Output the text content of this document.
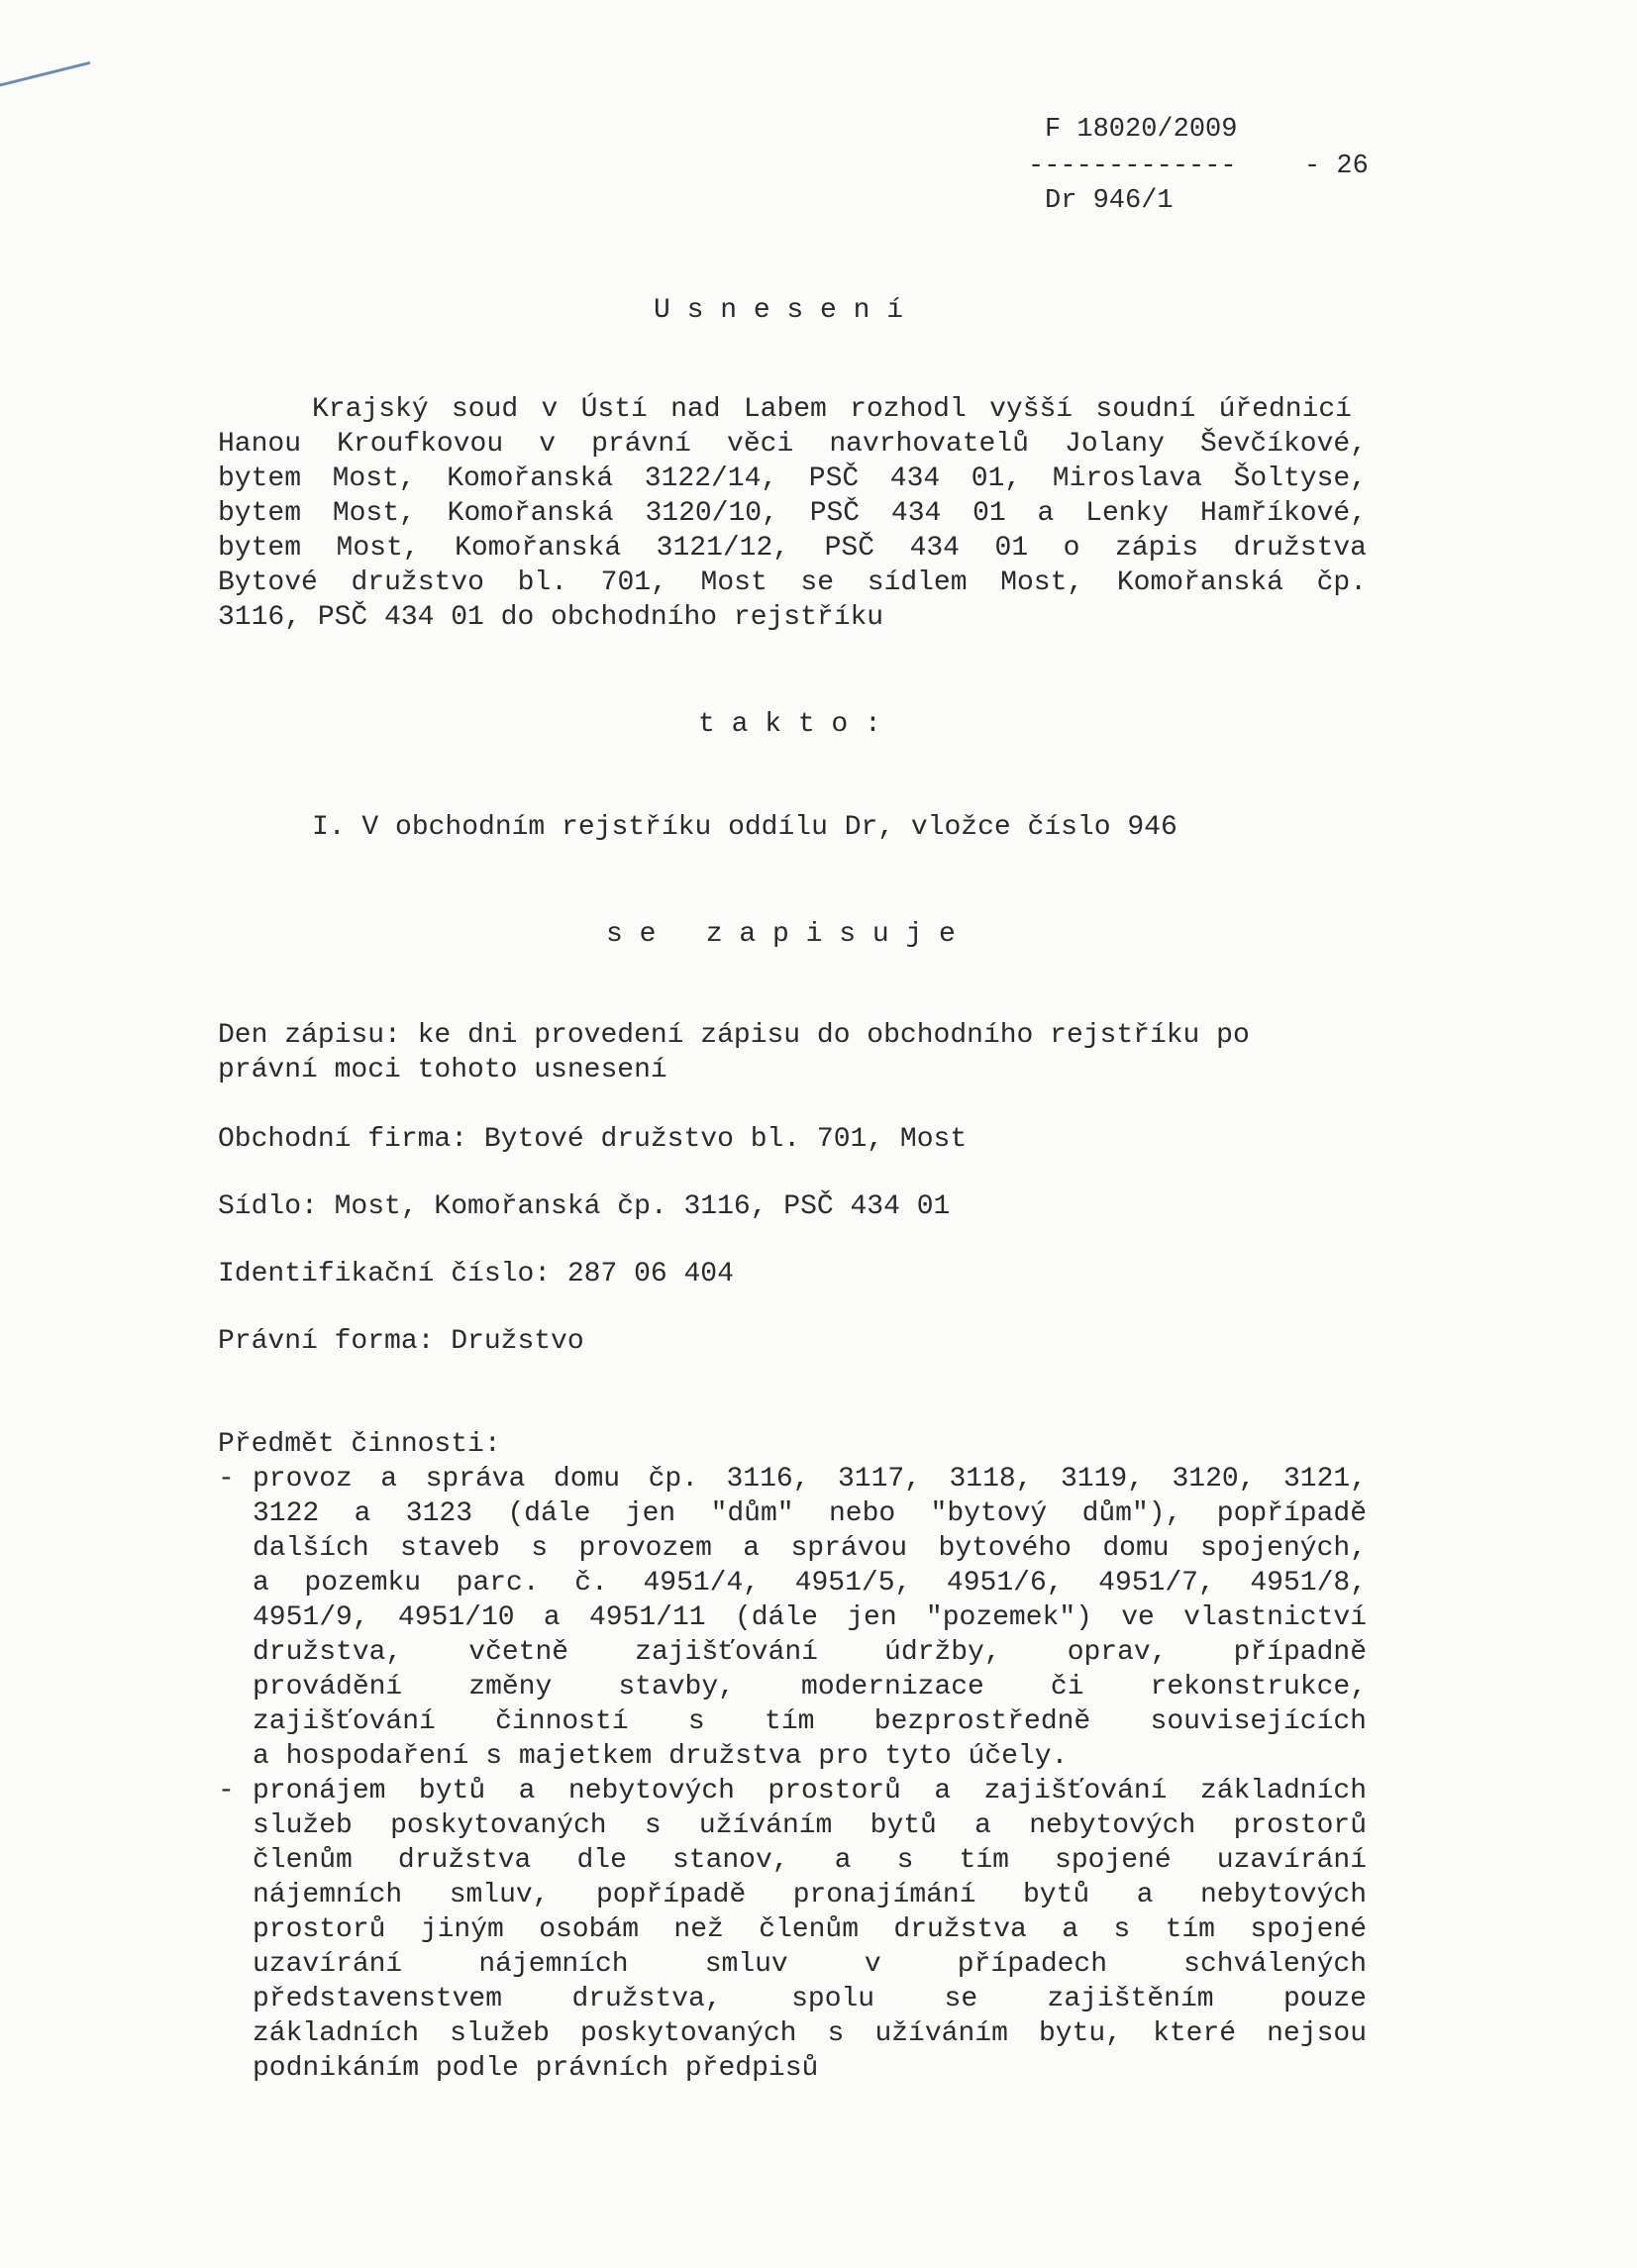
F 18020/2009
-------------	- 26
Dr 946/1
U s n e s e n í
Krajský soud v Ústí nad Labem rozhodl vyšší soudní úřednicí
Hanou Kroufkovou v právní věci navrhovatelů Jolany Ševčíkové,
bytem Most, Komořanská 3122/14, PSČ 434 01, Miroslava Šoltyse,
bytem Most, Komořanská 3120/10, PSČ 434 01 a Lenky Hamříkové,
bytem Most, Komořanská 3121/12, PSČ 434 01 o zápis družstva
Bytové družstvo bl. 701, Most se sídlem Most, Komořanská čp.
3116, PSČ 434 01 do obchodního rejstříku
t a k t o :
I. V obchodním rejstříku oddílu Dr, vložce číslo 946
s e   z a p i s u j e
Den zápisu: ke dni provedení zápisu do obchodního rejstříku po
právní moci tohoto usnesení
Obchodní firma: Bytové družstvo bl. 701, Most
Sídlo: Most, Komořanská čp. 3116, PSČ 434 01
Identifikační číslo: 287 06 404
Právní forma: Družstvo
Předmět činnosti:
- provoz a správa domu čp. 3116, 3117, 3118, 3119, 3120, 3121,
3122 a 3123 (dále jen "dům" nebo "bytový dům"), popřípadě
dalších staveb s provozem a správou bytového domu spojených,
a pozemku parc. č. 4951/4, 4951/5, 4951/6, 4951/7, 4951/8,
4951/9, 4951/10 a 4951/11 (dále jen "pozemek") ve vlastnictví
družstva, včetně zajišťování údržby, oprav, případně
provádění změny stavby, modernizace či rekonstrukce,
zajišťování činností s tím bezprostředně souvisejících
a hospodaření s majetkem družstva pro tyto účely.
- pronájem bytů a nebytových prostorů a zajišťování základních
služeb poskytovaných s užíváním bytů a nebytových prostorů
členům družstva dle stanov, a s tím spojené uzavírání
nájemních smluv, popřípadě pronajímání bytů a nebytových
prostorů jiným osobám než členům družstva a s tím spojené
uzavírání nájemních smluv v případech schválených
představenstvem družstva, spolu se zajištěním pouze
základních služeb poskytovaných s užíváním bytu, které nejsou
podnikáním podle právních předpisů
